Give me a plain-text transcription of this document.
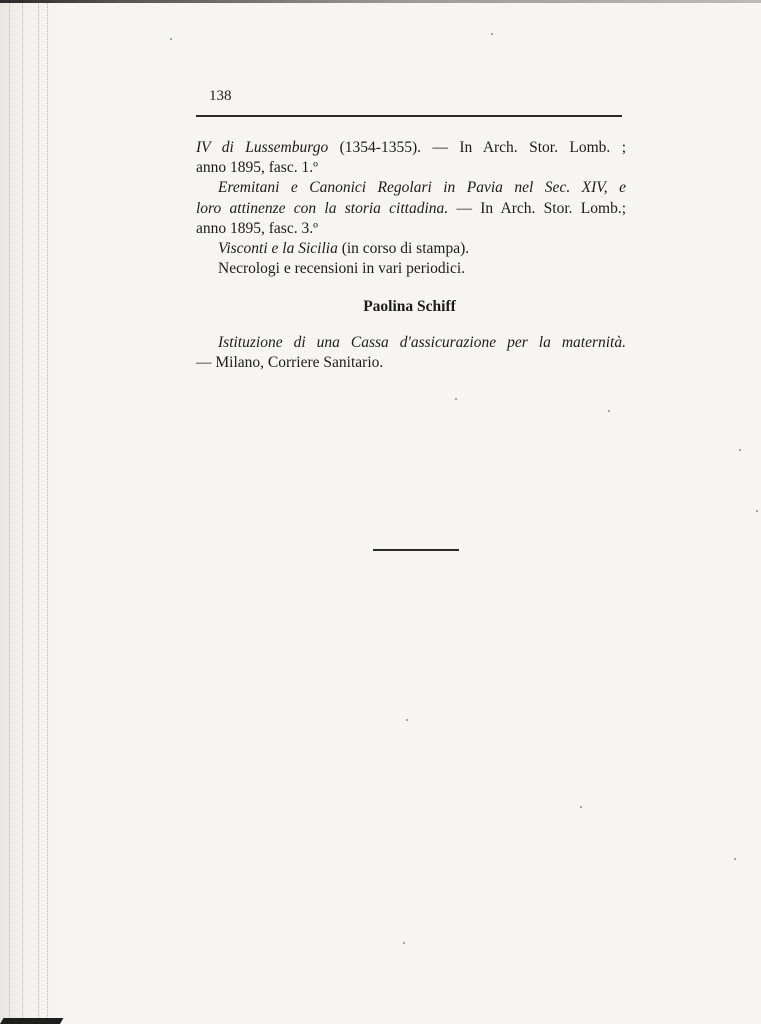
138
IV di Lussemburgo (1354-1355). — In Arch. Stor. Lomb. ;
anno 1895, fasc. 1.º
Eremitani e Canonici Regolari in Pavia nel Sec. XIV, e
loro attinenze con la storia cittadina. — In Arch. Stor. Lomb.;
anno 1895, fasc. 3.º
Visconti e la Sicilia (in corso di stampa).
Necrologi e recensioni in vari periodici.
Paolina Schiff
Istituzione di una Cassa d'assicurazione per la maternità.
— Milano, Corriere Sanitario.
